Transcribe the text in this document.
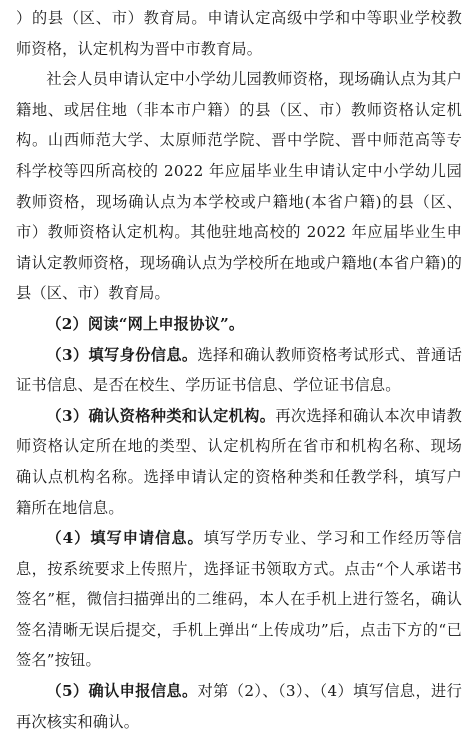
）的县（区、市）教育局。申请认定高级中学和中等职业学校教师资格，认定机构为晋中市教育局。

社会人员申请认定中小学幼儿园教师资格，现场确认点为其户籍地、或居住地（非本市户籍）的县（区、市）教师资格认定机构。山西师范大学、太原师范学院、晋中学院、晋中师范高等专科学校等四所高校的 2022 年应届毕业生申请认定中小学幼儿园教师资格，现场确认点为本学校或户籍地(本省户籍)的县（区、市）教师资格认定机构。其他驻地高校的 2022 年应届毕业生申请认定教师资格，现场确认点为学校所在地或户籍地(本省户籍)的县（区、市）教育局。

（2）阅读“网上申报协议”。

（3）填写身份信息。选择和确认教师资格考试形式、普通话证书信息、是否在校生、学历证书信息、学位证书信息。

（3）确认资格种类和认定机构。再次选择和确认本次申请教师资格认定所在地的类型、认定机构所在省市和机构名称、现场确认点机构名称。选择申请认定的资格种类和任教学科，填写户籍所在地信息。

（4）填写申请信息。填写学历专业、学习和工作经历等信息，按系统要求上传照片，选择证书领取方式。点击“个人承诺书签名”框，微信扫描弹出的二维码，本人在手机上进行签名，确认签名清晰无误后提交，手机上弹出“上传成功”后，点击下方的“已签名”按钮。

（5）确认申报信息。对第（2）、（3）、（4）填写信息，进行再次核实和确认。
